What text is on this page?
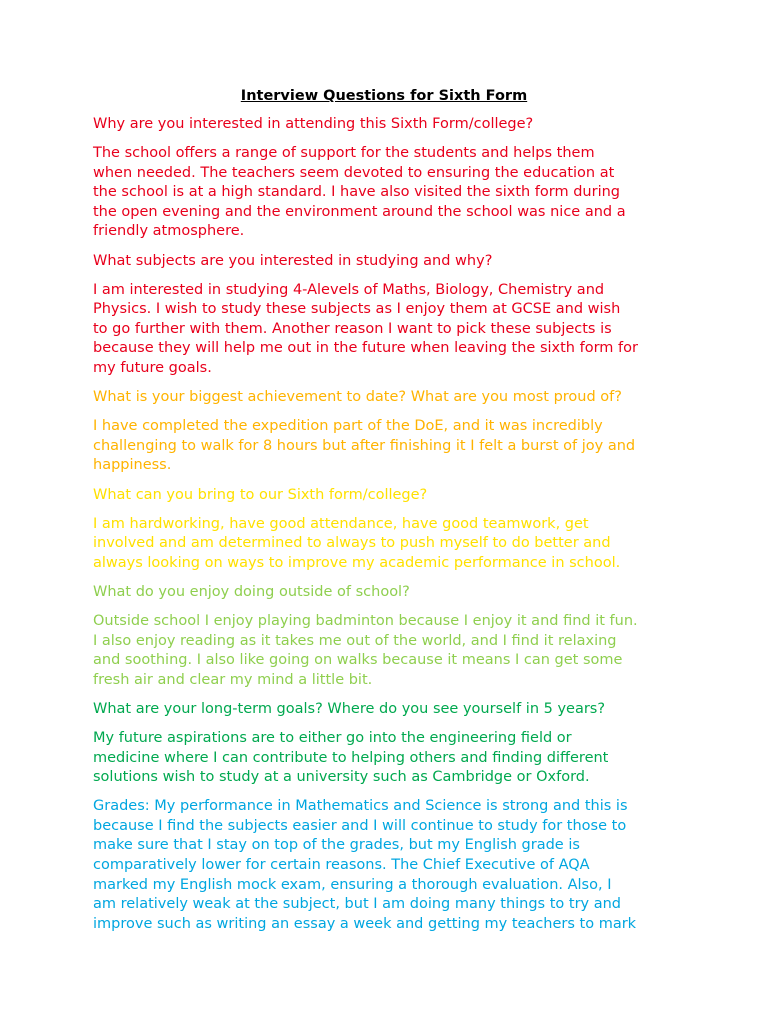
Interview Questions for Sixth Form

Why are you interested in attending this Sixth Form/college?

The school offers a range of support for the students and helps them
when needed. The teachers seem devoted to ensuring the education at
the school is at a high standard. I have also visited the sixth form during
the open evening and the environment around the school was nice and a
friendly atmosphere.

What subjects are you interested in studying and why?

I am interested in studying 4-Alevels of Maths, Biology, Chemistry and
Physics. I wish to study these subjects as I enjoy them at GCSE and wish
to go further with them. Another reason I want to pick these subjects is
because they will help me out in the future when leaving the sixth form for
my future goals.

What is your biggest achievement to date? What are you most proud of?

I have completed the expedition part of the DoE, and it was incredibly
challenging to walk for 8 hours but after finishing it I felt a burst of joy and
happiness.

What can you bring to our Sixth form/college?

I am hardworking, have good attendance, have good teamwork, get
involved and am determined to always to push myself to do better and
always looking on ways to improve my academic performance in school.

What do you enjoy doing outside of school?

Outside school I enjoy playing badminton because I enjoy it and find it fun.
I also enjoy reading as it takes me out of the world, and I find it relaxing
and soothing. I also like going on walks because it means I can get some
fresh air and clear my mind a little bit.

What are your long-term goals? Where do you see yourself in 5 years?

My future aspirations are to either go into the engineering field or
medicine where I can contribute to helping others and finding different
solutions wish to study at a university such as Cambridge or Oxford.

Grades: My performance in Mathematics and Science is strong and this is
because I find the subjects easier and I will continue to study for those to
make sure that I stay on top of the grades, but my English grade is
comparatively lower for certain reasons. The Chief Executive of AQA
marked my English mock exam, ensuring a thorough evaluation. Also, I
am relatively weak at the subject, but I am doing many things to try and
improve such as writing an essay a week and getting my teachers to mark
